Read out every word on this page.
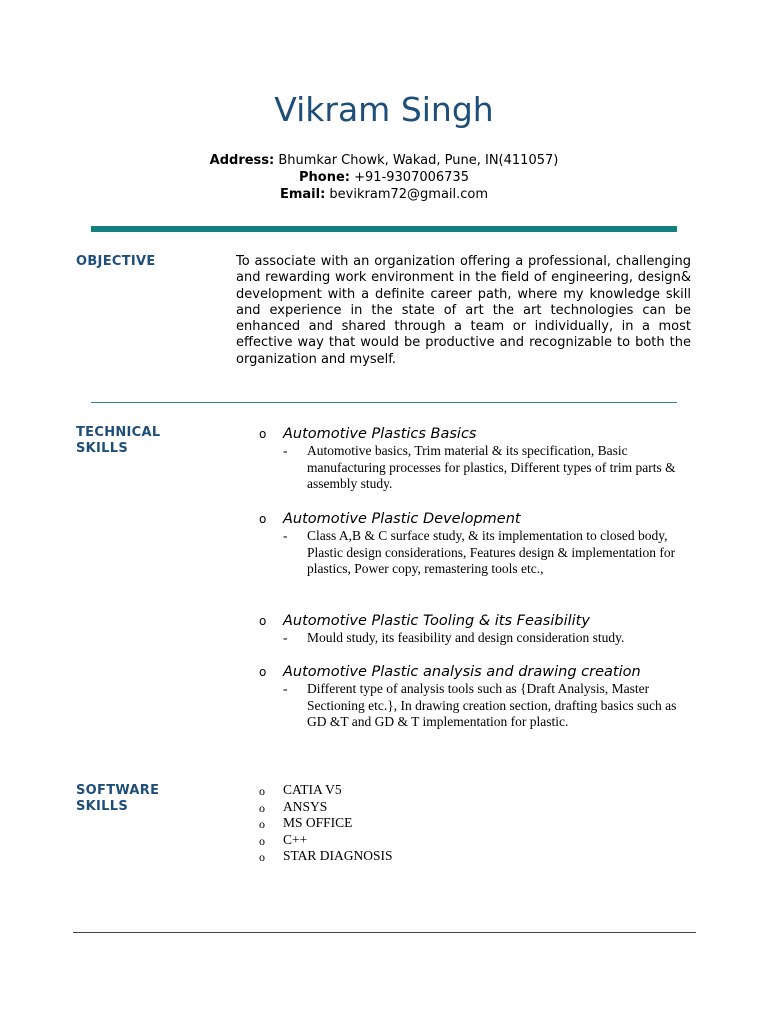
Vikram Singh
Address: Bhumkar Chowk, Wakad, Pune, IN(411057)
Phone: +91-9307006735
Email: bevikram72@gmail.com
OBJECTIVE	To associate with an organization offering a professional, challenging and rewarding work environment in the field of engineering, design& development with a definite career path, where my knowledge skill and experience in the state of art the art technologies can be enhanced and shared through a team or individually, in a most effective way that would be productive and recognizable to both the organization and myself.
TECHNICAL
SKILLS
o Automotive Plastics Basics
- Automotive basics, Trim material & its specification, Basic manufacturing processes for plastics, Different types of trim parts & assembly study.
o Automotive Plastic Development
- Class A,B & C surface study, & its implementation to closed body, Plastic design considerations, Features design & implementation for plastics, Power copy, remastering tools etc.,
o Automotive Plastic Tooling & its Feasibility
- Mould study, its feasibility and design consideration study.
o Automotive Plastic analysis and drawing creation
- Different type of analysis tools such as {Draft Analysis, Master Sectioning etc.}, In drawing creation section, drafting basics such as GD &T and GD & T implementation for plastic.
SOFTWARE
SKILLS
o CATIA V5
o ANSYS
o MS OFFICE
o C++
o STAR DIAGNOSIS
